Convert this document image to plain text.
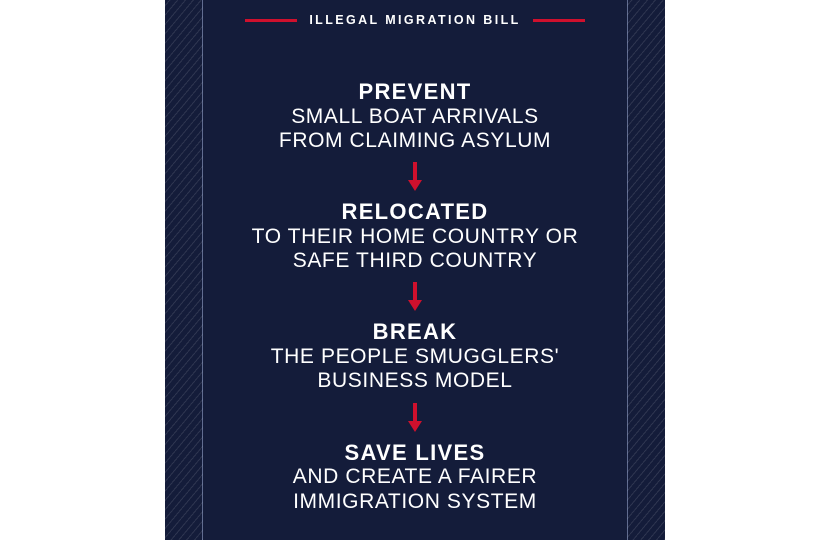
ILLEGAL MIGRATION BILL
PREVENT
SMALL BOAT ARRIVALS
FROM CLAIMING ASYLUM
RELOCATED
TO THEIR HOME COUNTRY OR
SAFE THIRD COUNTRY
BREAK
THE PEOPLE SMUGGLERS'
BUSINESS MODEL
SAVE LIVES
AND CREATE A FAIRER
IMMIGRATION SYSTEM
